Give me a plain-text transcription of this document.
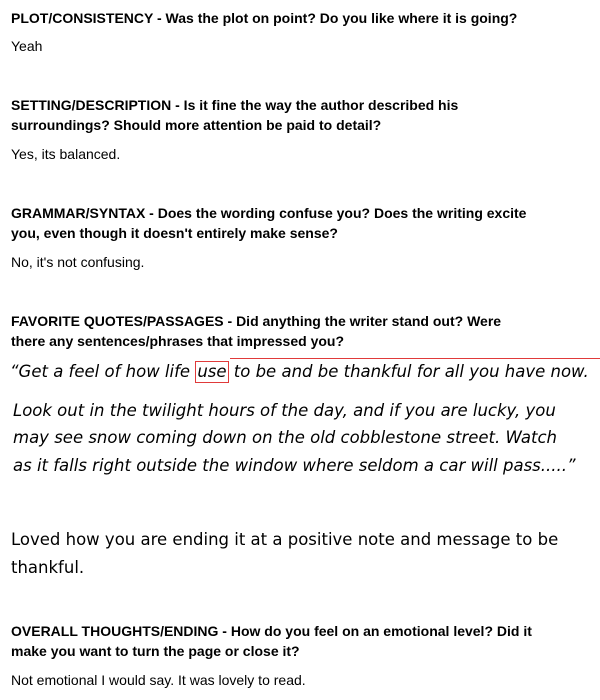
PLOT/CONSISTENCY - Was the plot on point? Do you like where it is going?

Yeah

SETTING/DESCRIPTION - Is it fine the way the author described his

surroundings? Should more attention be paid to detail?

Yes, its balanced.

GRAMMAR/SYNTAX - Does the wording confuse you? Does the writing excite

you, even though it doesn't entirely make sense?

No, it's not confusing.

FAVORITE QUOTES/PASSAGES - Did anything the writer stand out? Were

there any sentences/phrases that impressed you?

“Get a feel of how life use to be and be thankful for all you have now.

Look out in the twilight hours of the day, and if you are lucky, you

may see snow coming down on the old cobblestone street. Watch

as it falls right outside the window where seldom a car will pass.....”

Loved how you are ending it at a positive note and message to be thankful.

OVERALL THOUGHTS/ENDING - How do you feel on an emotional level? Did it

make you want to turn the page or close it?

Not emotional I would say. It was lovely to read.
